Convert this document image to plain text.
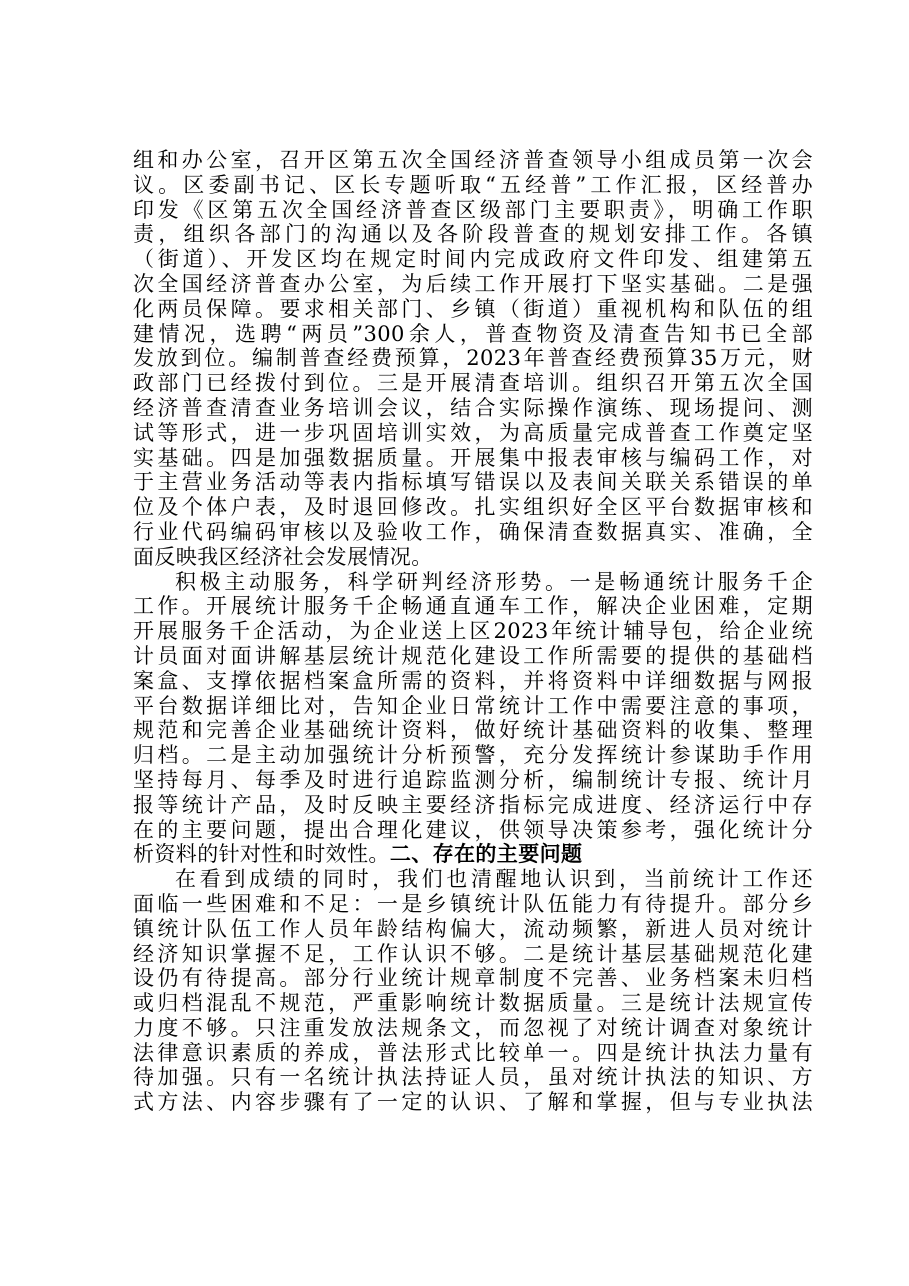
组和办公室，召开区第五次全国经济普查领导小组成员第一次会
议。区委副书记、区长专题听取“五经普”工作汇报，区经普办
印发《区第五次全国经济普查区级部门主要职责》，明确工作职
责，组织各部门的沟通以及各阶段普查的规划安排工作。各镇
（街道）、开发区均在规定时间内完成政府文件印发、组建第五
次全国经济普查办公室，为后续工作开展打下坚实基础。二是强
化两员保障。要求相关部门、乡镇（街道）重视机构和队伍的组
建情况，选聘“两员”300余人，普查物资及清查告知书已全部
发放到位。编制普查经费预算，2023年普查经费预算35万元，财
政部门已经拨付到位。三是开展清查培训。组织召开第五次全国
经济普查清查业务培训会议，结合实际操作演练、现场提问、测
试等形式，进一步巩固培训实效，为高质量完成普查工作奠定坚
实基础。四是加强数据质量。开展集中报表审核与编码工作，对
于主营业务活动等表内指标填写错误以及表间关联关系错误的单
位及个体户表，及时退回修改。扎实组织好全区平台数据审核和
行业代码编码审核以及验收工作，确保清查数据真实、准确，全
面反映我区经济社会发展情况。
积极主动服务，科学研判经济形势。一是畅通统计服务千企
工作。开展统计服务千企畅通直通车工作，解决企业困难，定期
开展服务千企活动，为企业送上区2023年统计辅导包，给企业统
计员面对面讲解基层统计规范化建设工作所需要的提供的基础档
案盒、支撑依据档案盒所需的资料，并将资料中详细数据与网报
平台数据详细比对，告知企业日常统计工作中需要注意的事项，
规范和完善企业基础统计资料，做好统计基础资料的收集、整理
归档。二是主动加强统计分析预警，充分发挥统计参谋助手作用
坚持每月、每季及时进行追踪监测分析，编制统计专报、统计月
报等统计产品，及时反映主要经济指标完成进度、经济运行中存
在的主要问题，提出合理化建议，供领导决策参考，强化统计分
析资料的针对性和时效性。二、存在的主要问题
在看到成绩的同时，我们也清醒地认识到，当前统计工作还
面临一些困难和不足：一是乡镇统计队伍能力有待提升。部分乡
镇统计队伍工作人员年龄结构偏大，流动频繁，新进人员对统计
经济知识掌握不足，工作认识不够。二是统计基层基础规范化建
设仍有待提高。部分行业统计规章制度不完善、业务档案未归档
或归档混乱不规范，严重影响统计数据质量。三是统计法规宣传
力度不够。只注重发放法规条文，而忽视了对统计调查对象统计
法律意识素质的养成，普法形式比较单一。四是统计执法力量有
待加强。只有一名统计执法持证人员，虽对统计执法的知识、方
式方法、内容步骤有了一定的认识、了解和掌握，但与专业执法
